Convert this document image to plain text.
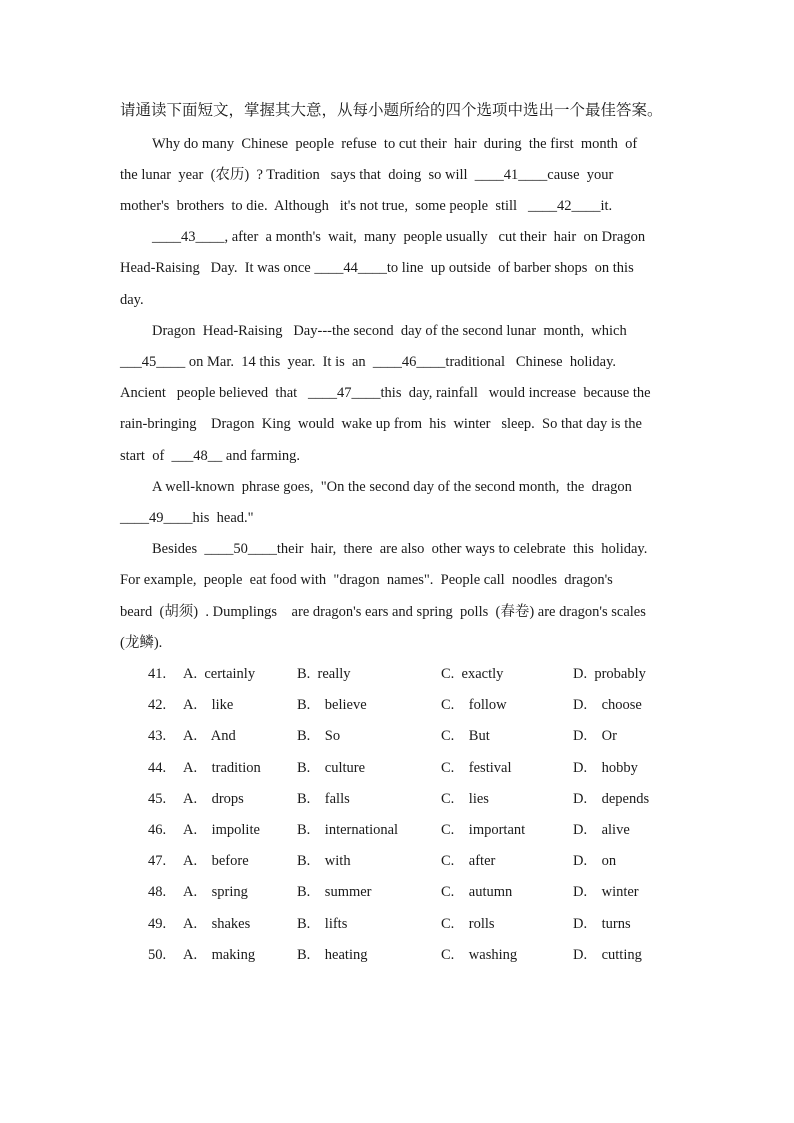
请通读下面短文，掌握其大意，从每小题所给的四个选项中选出一个最佳答案。
Why do many  Chinese  people  refuse  to cut their  hair  during  the first  month  of
the lunar  year  (农历)  ? Tradition   says that  doing  so will  ____41____cause  your
mother's  brothers  to die.  Although   it's not true,  some people  still   ____42____it.
____43____, after  a month's  wait,  many  people usually   cut their  hair  on Dragon
Head-Raising   Day.  It was once ____44____to line  up outside  of barber shops  on this
day.
Dragon  Head-Raising   Day---the second  day of the second lunar  month,  which
___45____ on Mar.  14 this  year.  It is  an  ____46____traditional   Chinese  holiday.
Ancient   people believed  that   ____47____this  day, rainfall   would increase  because the
rain-bringing    Dragon  King  would  wake up from  his  winter   sleep.  So that day is the
start  of  ___48__ and farming.
A well-known  phrase goes,  "On the second day of the second month,  the  dragon
____49____his  head."
Besides  ____50____their  hair,  there  are also  other ways to celebrate  this  holiday.
For example,  people  eat food with  "dragon  names".  People call  noodles  dragon's
beard  (胡须)  . Dumplings    are dragon's ears and spring  polls  (春卷) are dragon's scales
(龙鳞).
41. A.  certainly	B.  really	C.  exactly	D.  probably
42. A.    like	B.    believe	C.    follow	D.    choose
43. A.    And	B.    So	C.    But	D.    Or
44. A.    tradition	B.    culture	C.    festival	D.    hobby
45. A.    drops	B.    falls	C.    lies	D.    depends
46. A.    impolite	B.    international	C.    important	D.    alive
47. A.    before	B.    with	C.    after	D.    on
48. A.    spring	B.    summer	C.    autumn	D.    winter
49. A.    shakes	B.    lifts	C.    rolls	D.    turns
50. A.    making	B.    heating	C.    washing	D.    cutting
